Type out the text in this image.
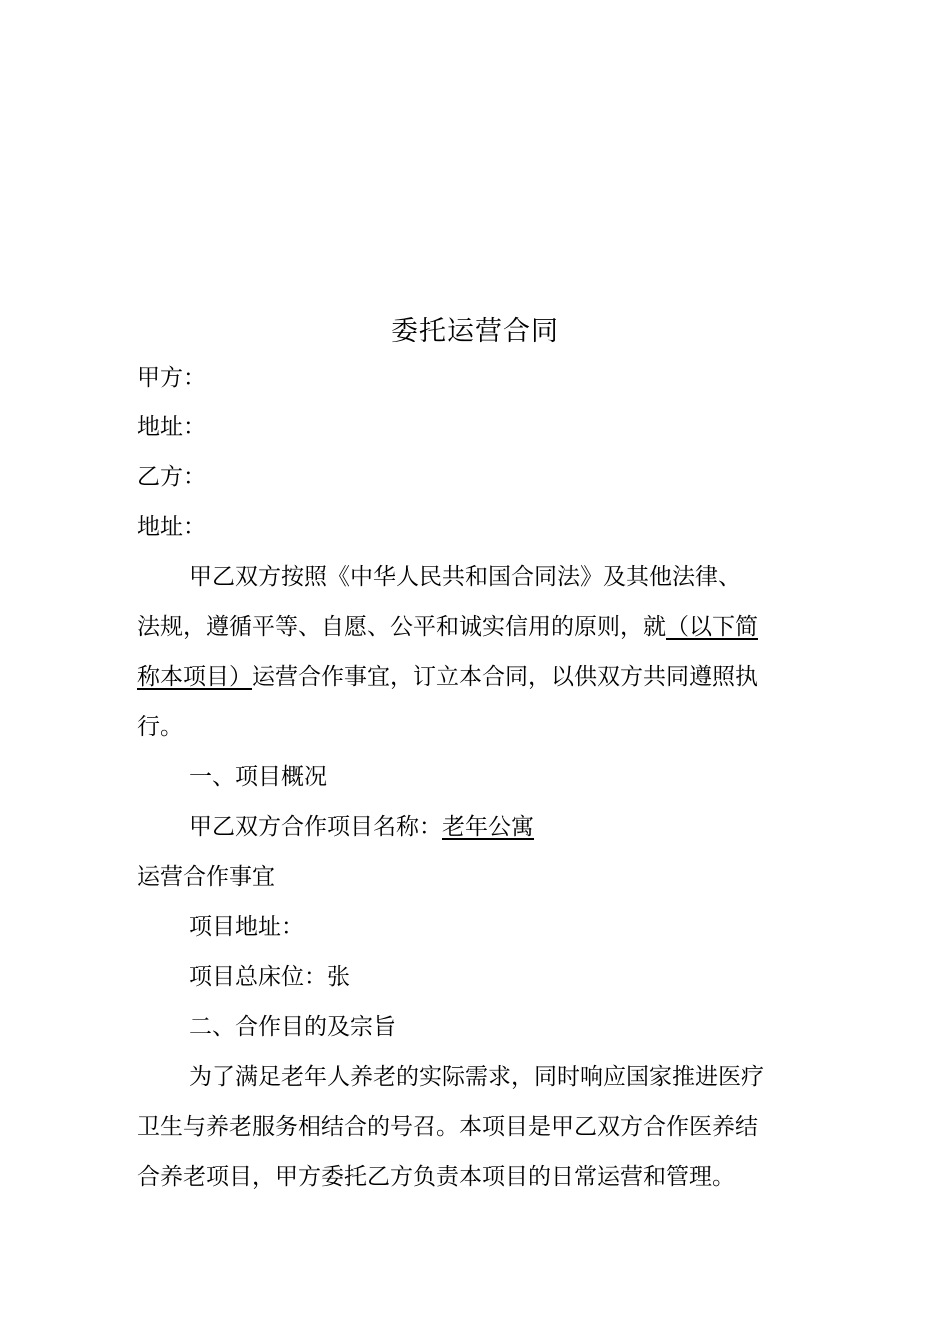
委托运营合同
甲方：
地址：
乙方：
地址：
甲乙双方按照《中华人民共和国合同法》及其他法律、
法规，遵循平等、自愿、公平和诚实信用的原则，就（以下简
称本项目）运营合作事宜，订立本合同，以供双方共同遵照执
行。
一、项目概况
甲乙双方合作项目名称：老年公寓
运营合作事宜
项目地址：
项目总床位：张
二、合作目的及宗旨
为了满足老年人养老的实际需求，同时响应国家推进医疗
卫生与养老服务相结合的号召。本项目是甲乙双方合作医养结
合养老项目，甲方委托乙方负责本项目的日常运营和管理。
